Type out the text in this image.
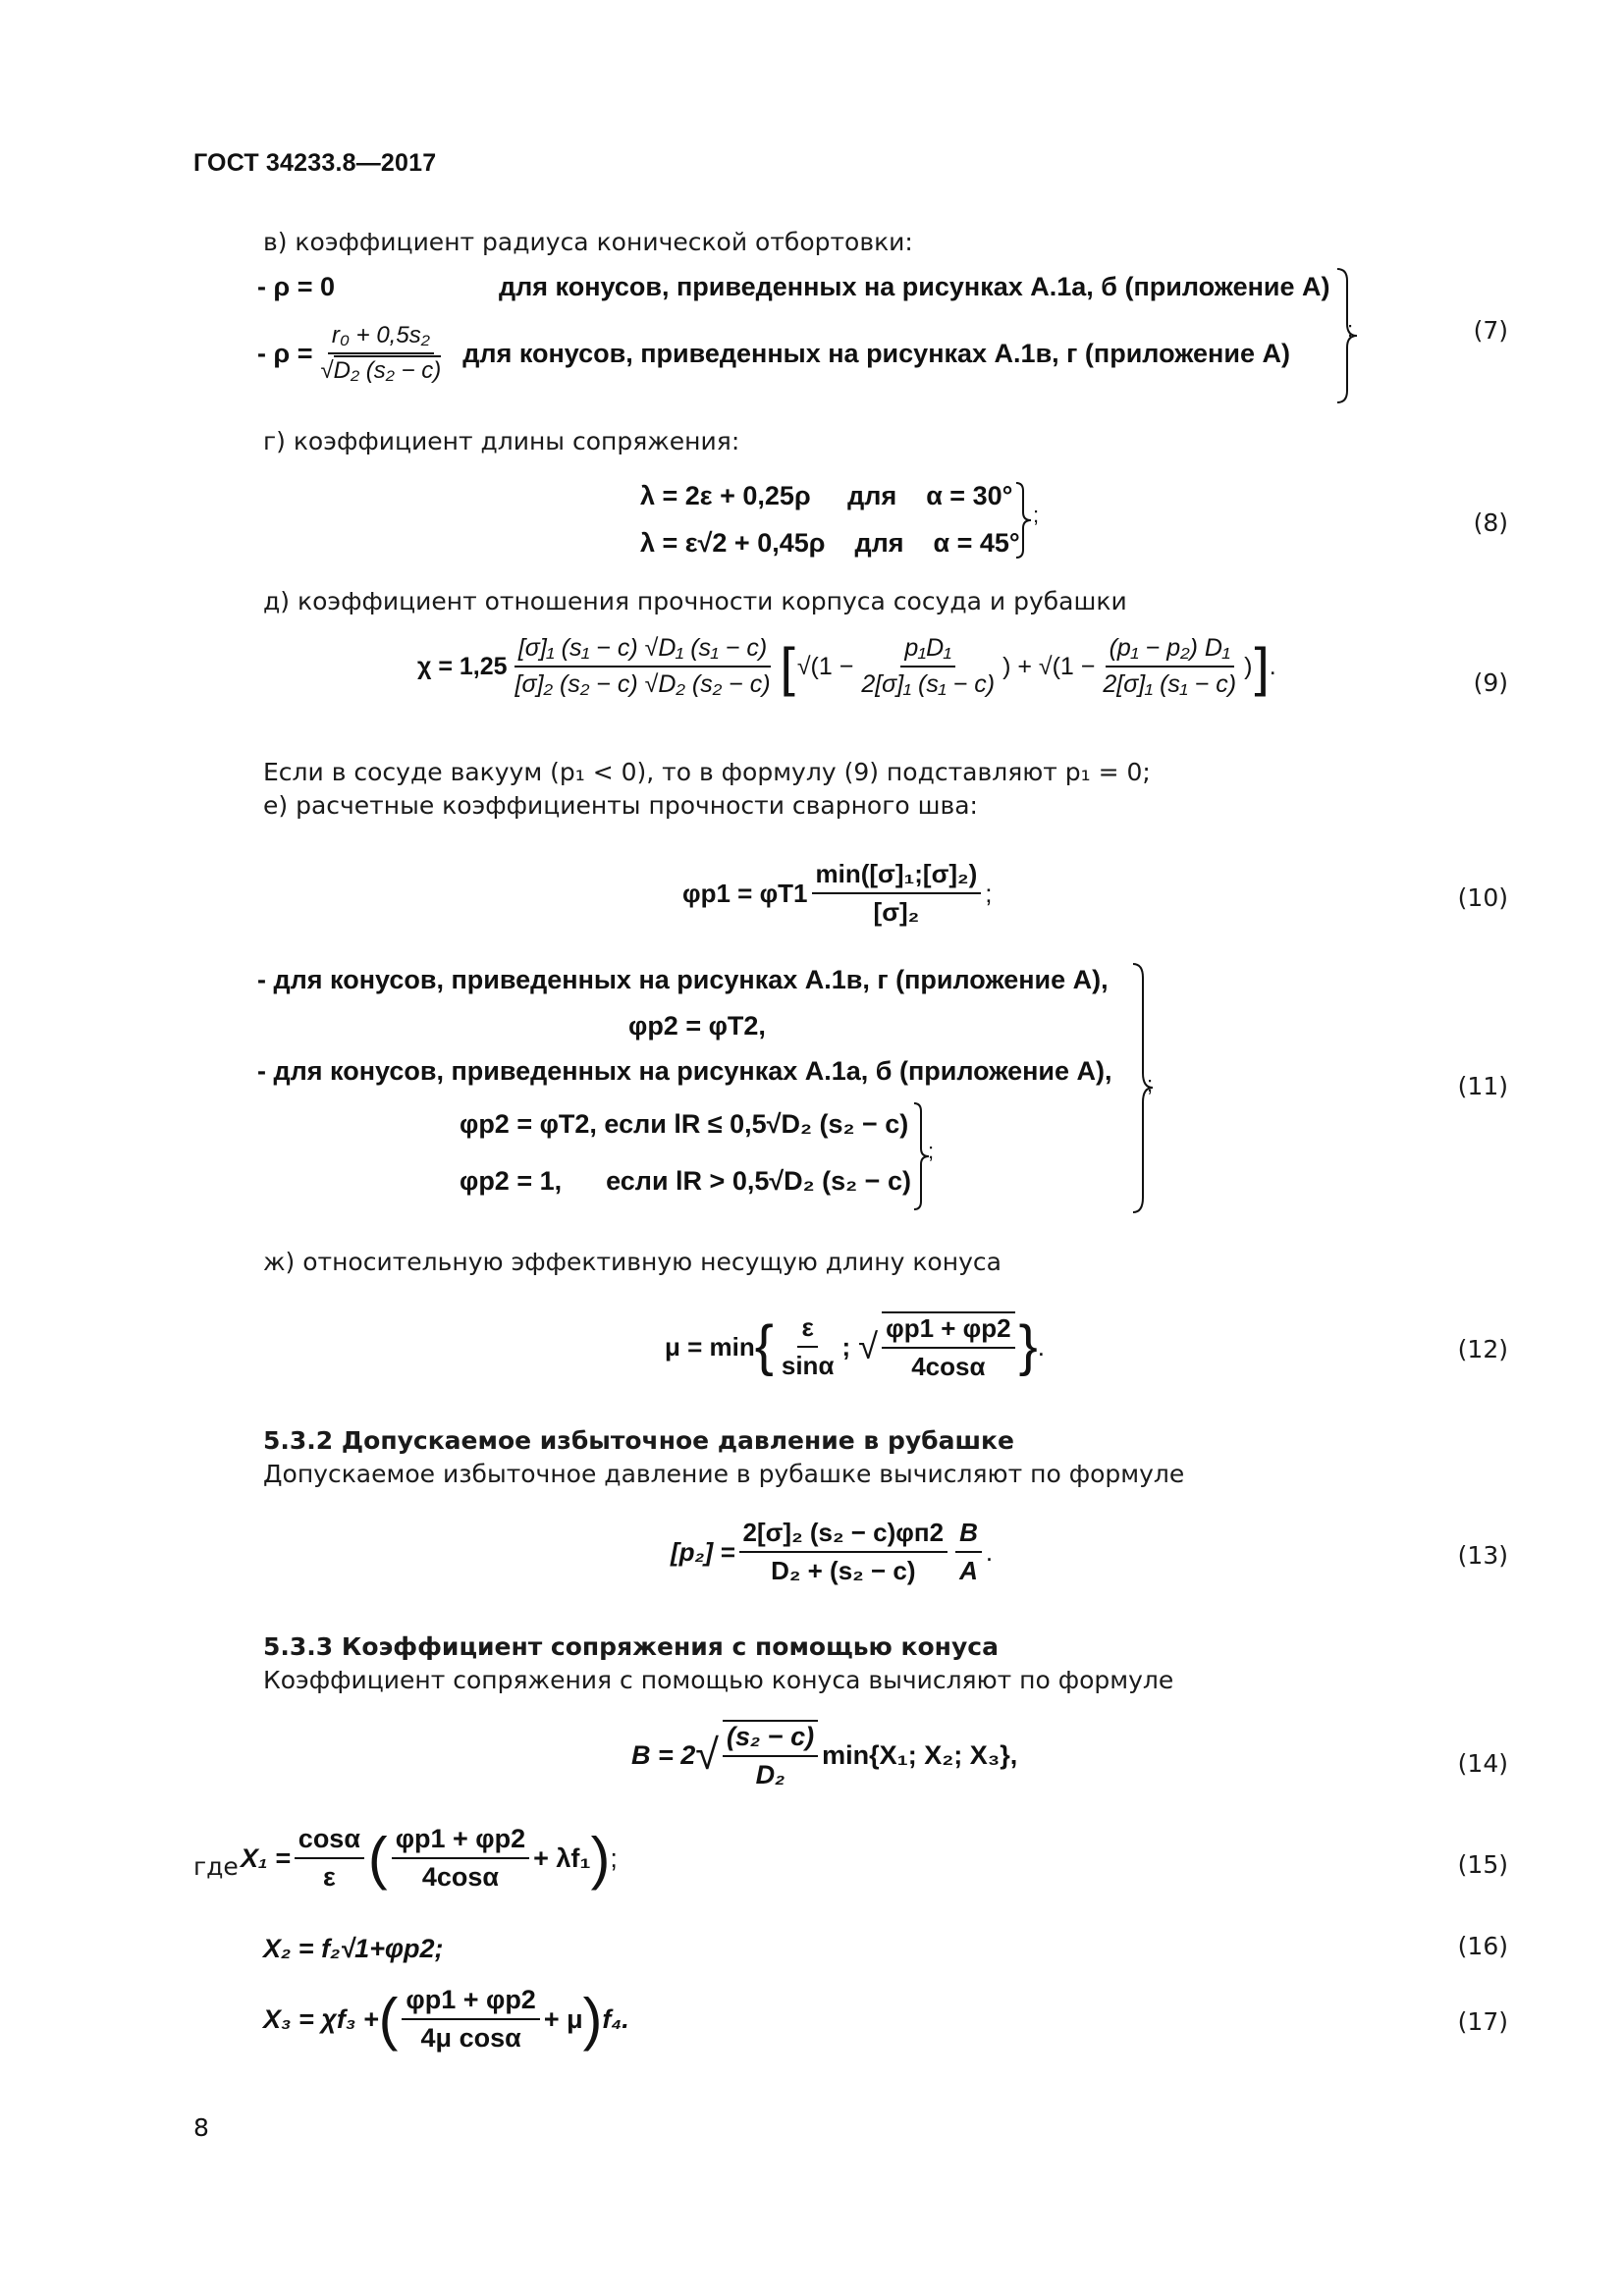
ГОСТ 34233.8—2017
в) коэффициент радиуса конической отбортовки:
- ρ = 0	для конусов, приведенных на рисунках А.1а, б (приложение А)
- $\rho = \frac{\text{r₀ + 0,5s₂}}{\text{√D₂ (s₂ − c)}}$ для конусов, приведенных на рисунках А.1в, г (приложение А)
;	(7)
г) коэффициент длины сопряжения:
λ = 2ε + 0,25ρ     для    α = 30°
λ = ε√2 + 0,45ρ    для    α = 45°
;	(8)
д) коэффициент отношения прочности корпуса сосуда и рубашки
$\chi = 1,25 \frac{\text{[σ]₁ (s₁ − c) √D₁ (s₁ − c)}}{\text{[σ]₂ (s₂ − c) √D₂ (s₂ − c)}}$ [ $√(1 - \frac{\text{p₁D₁}}{\text{2[σ]₁ (s₁ − c)}}$ ) + $√(1 - \frac{\text{(p₁ − p₂) D₁}}{\text{2[σ]₁ (s₁ − c)}}$ ) ] .
(9)
Если в сосуде вакуум (p₁ < 0), то в формулу (9) подставляют p₁ = 0;
е) расчетные коэффициенты прочности сварного шва:
$\varphi p1 = \varphi T1 \frac{\text{min([σ]₁;[σ]₂)}}{\text{[σ]₂}}$ ;	(10)
- для конусов, приведенных на рисунках А.1в, г (приложение А),
φp2 = φT2,
- для конусов, приведенных на рисунках А.1а, б (приложение А),
φp2 = φT2, если lR ≤ 0,5√D₂ (s₂ − c)
φp2 = 1,      если lR > 0,5√D₂ (s₂ − c)
;
;	(11)
ж) относительную эффективную несущую длину конуса
μ = min { $\frac{\varepsilon}{\sin\alpha}$ ; √ $\frac{\varphi p1 + \varphi p2}{4\cos\alpha}$ } .	(12)
5.3.2 Допускаемое избыточное давление в рубашке
Допускаемое избыточное давление в рубашке вычисляют по формуле
$[p_2] = \frac{\text{2[σ]₂ (s₂ − c)φп2}}{\text{D₂ + (s₂ − c)}} \frac{B}{A}$ .	(13)
5.3.3 Коэффициент сопряжения с помощью конуса
Коэффициент сопряжения с помощью конуса вычисляют по формуле
B = 2 √ $\frac{\text{(s₂ − c)}}{\text{D₂}} \min\{X_1$; X₂; X₃},	(14)
где $X_1 = \frac{\cos\alpha}{\varepsilon}$ ( $\frac{\varphi p1 + \varphi p2}{4\cos\alpha} + \lambda f_1$ ) ;	(15)
X₂ = f₂√1+φp2;	(16)
X₃ = χf₃ + ( $\frac{\varphi p1 + \varphi p2}{\text{4μ cosα}} + \mu$ ) f₄.	(17)
8
